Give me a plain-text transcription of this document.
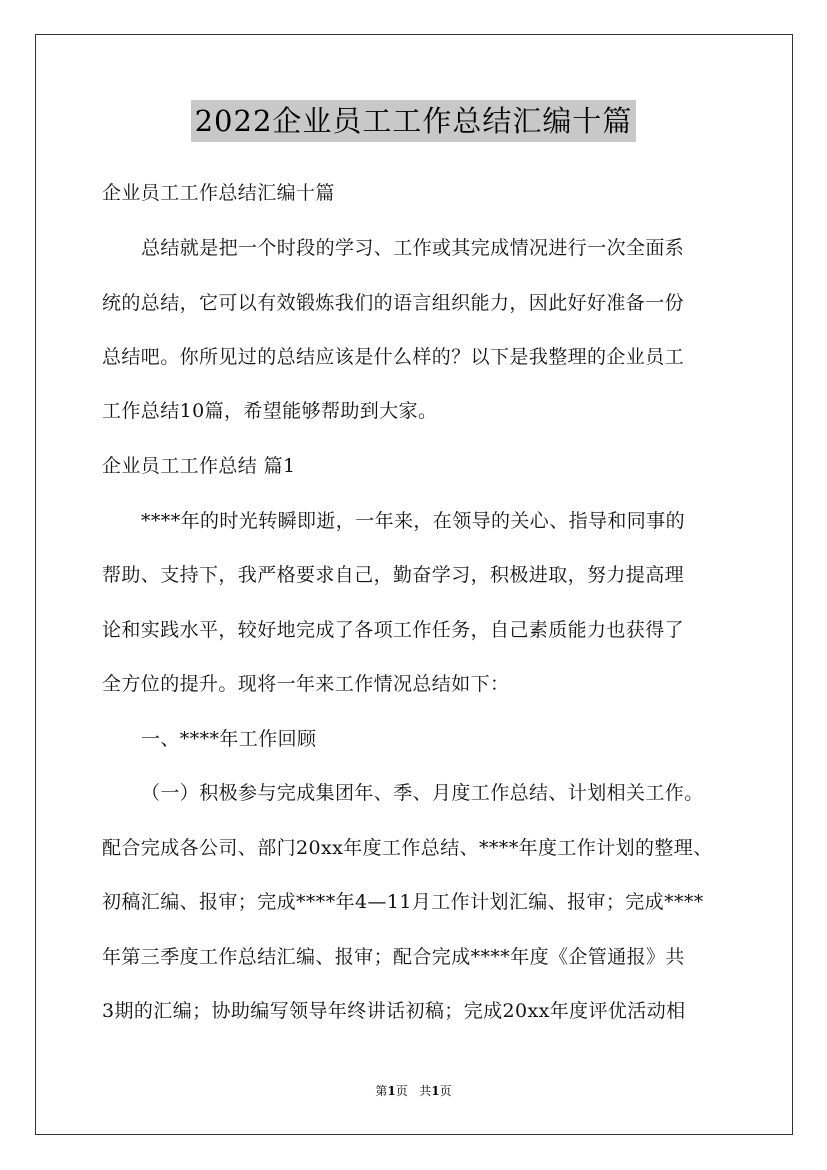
2022企业员工工作总结汇编十篇
企业员工工作总结汇编十篇
总结就是把一个时段的学习、工作或其完成情况进行一次全面系
统的总结，它可以有效锻炼我们的语言组织能力，因此好好准备一份
总结吧。你所见过的总结应该是什么样的？以下是我整理的企业员工
工作总结10篇，希望能够帮助到大家。
企业员工工作总结 篇1
****年的时光转瞬即逝，一年来，在领导的关心、指导和同事的
帮助、支持下，我严格要求自己，勤奋学习，积极进取，努力提高理
论和实践水平，较好地完成了各项工作任务，自己素质能力也获得了
全方位的提升。现将一年来工作情况总结如下：
一、****年工作回顾
（一）积极参与完成集团年、季、月度工作总结、计划相关工作。
配合完成各公司、部门20xx年度工作总结、****年度工作计划的整理、
初稿汇编、报审；完成****年4—11月工作计划汇编、报审；完成****
年第三季度工作总结汇编、报审；配合完成****年度《企管通报》共
3期的汇编；协助编写领导年终讲话初稿；完成20xx年度评优活动相
第1页 共1页
